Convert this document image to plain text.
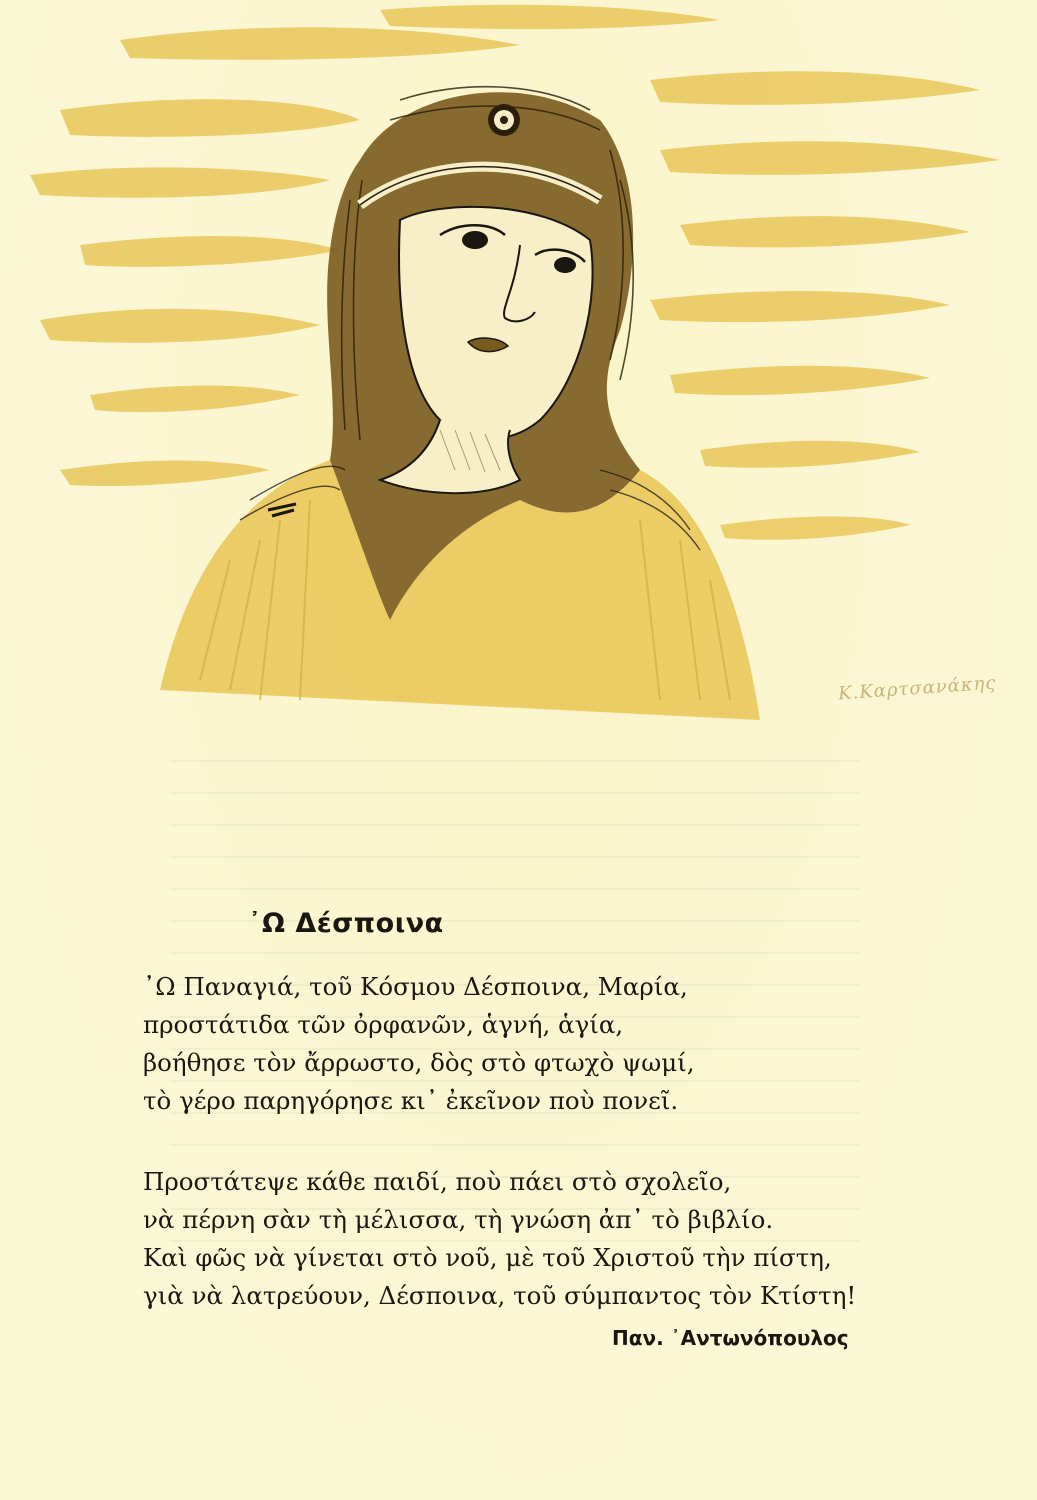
Κ.Καρτσανάκης
᾿Ω Δέσποινα
᾿Ω Παναγιά, τοῦ Κόσμου Δέσποινα, Μαρία,
προστάτιδα τῶν ὀρφανῶν, ἁγνή, ἁγία,
βοήθησε τὸν ἄρρωστο, δὸς στὸ φτωχὸ ψωμί,
τὸ γέρο παρηγόρησε κι᾿ ἐκεῖνον ποὺ πονεῖ.
Προστάτεψε κάθε παιδί, ποὺ πάει στὸ σχολεῖο,
νὰ πέρνη σὰν τὴ μέλισσα, τὴ γνώση ἀπ᾿ τὸ βιβλίο.
Καὶ φῶς νὰ γίνεται στὸ νοῦ, μὲ τοῦ Χριστοῦ τὴν πίστη,
γιὰ νὰ λατρεύουν, Δέσποινα, τοῦ σύμπαντος τὸν Κτίστη!
Παν. ᾿Αντωνόπουλος
